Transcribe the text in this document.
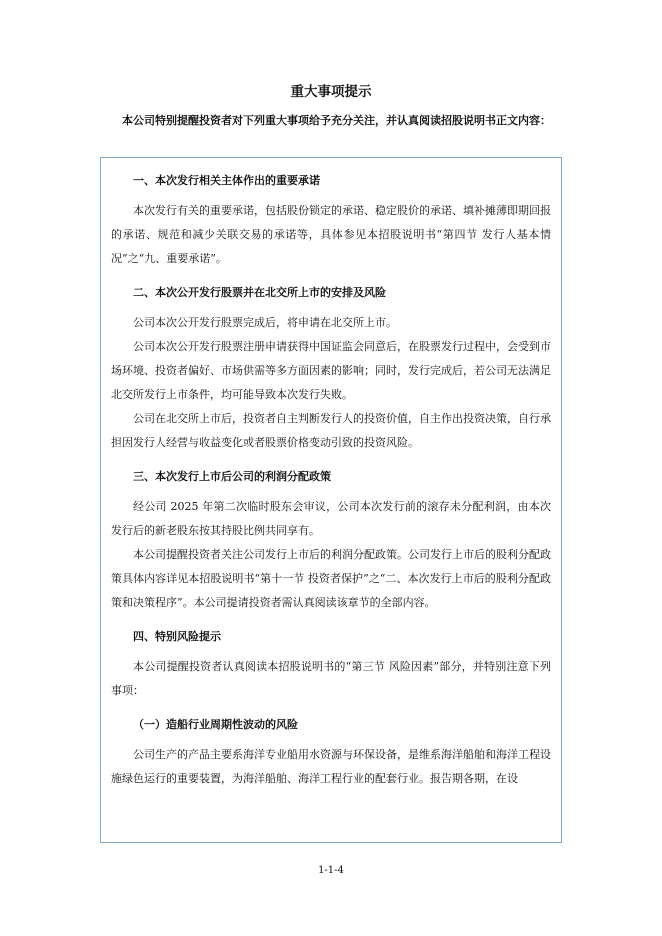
重大事项提示
本公司特别提醒投资者对下列重大事项给予充分关注，并认真阅读招股说明书正文内容：
一、本次发行相关主体作出的重要承诺

本次发行有关的重要承诺，包括股份锁定的承诺、稳定股价的承诺、填补摊薄即期回报的承诺、规范和减少关联交易的承诺等，具体参见本招股说明书“第四节 发行人基本情况”之“九、重要承诺”。

二、本次公开发行股票并在北交所上市的安排及风险

公司本次公开发行股票完成后，将申请在北交所上市。

公司本次公开发行股票注册申请获得中国证监会同意后，在股票发行过程中，会受到市场环境、投资者偏好、市场供需等多方面因素的影响；同时，发行完成后，若公司无法满足北交所发行上市条件，均可能导致本次发行失败。

公司在北交所上市后，投资者自主判断发行人的投资价值，自主作出投资决策，自行承担因发行人经营与收益变化或者股票价格变动引致的投资风险。

三、本次发行上市后公司的利润分配政策

经公司 2025 年第二次临时股东会审议，公司本次发行前的滚存未分配利润，由本次发行后的新老股东按其持股比例共同享有。

本公司提醒投资者关注公司发行上市后的利润分配政策。公司发行上市后的股利分配政策具体内容详见本招股说明书“第十一节 投资者保护”之“二、本次发行上市后的股利分配政策和决策程序”。本公司提请投资者需认真阅读该章节的全部内容。

四、特别风险提示

本公司提醒投资者认真阅读本招股说明书的“第三节 风险因素”部分，并特别注意下列事项：

（一）造船行业周期性波动的风险

公司生产的产品主要系海洋专业船用水资源与环保设备，是维系海洋船舶和海洋工程设施绿色运行的重要装置，为海洋船舶、海洋工程行业的配套行业。报告期各期，在设

1-1-4
